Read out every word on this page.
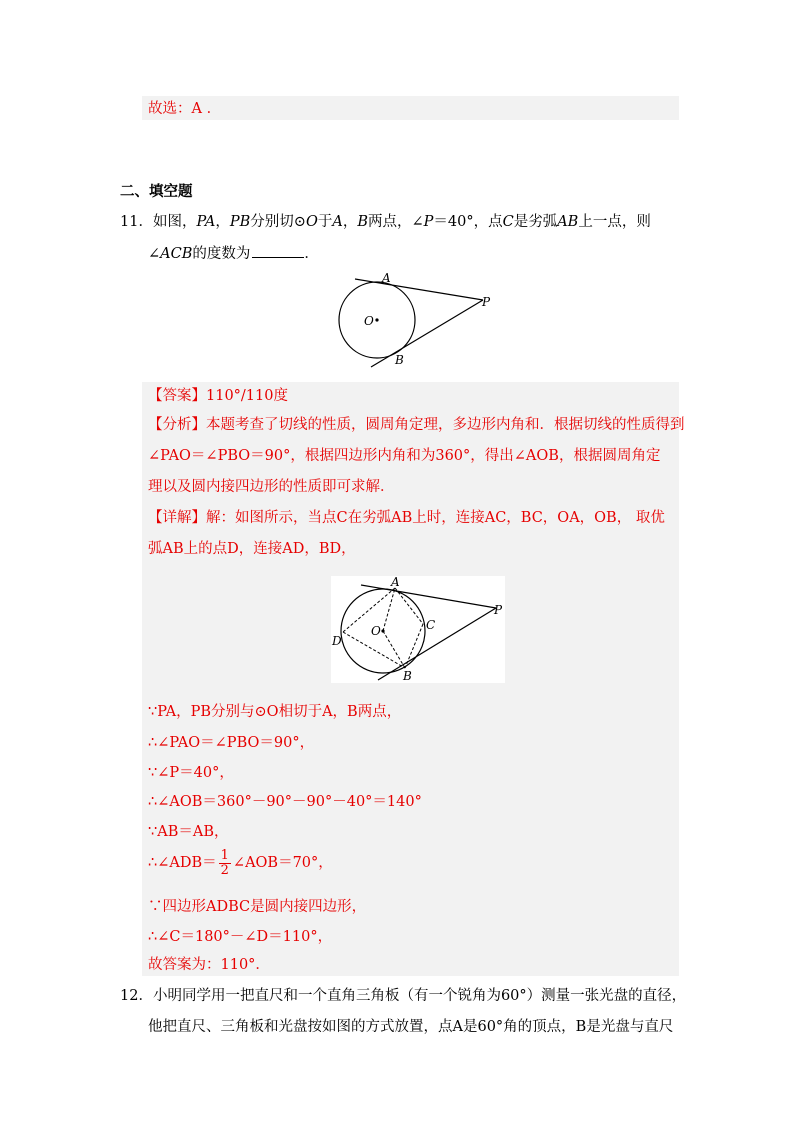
故选：A ．
二、填空题
11．如图，PA，PB分别切⊙O于A，B两点，∠P＝40°，点C是劣弧AB上一点，则
∠ACB的度数为	．
A
O
P
B
【答案】110°/110度
【分析】本题考查了切线的性质，圆周角定理，多边形内角和．根据切线的性质得到
∠PAO＝∠PBO＝90°，根据四边形内角和为360°，得出∠AOB，根据圆周角定
理以及圆内接四边形的性质即可求解．
【详解】解：如图所示，当点C在劣弧AB上时，连接AC，BC，OA，OB， 取优
弧AB上的点D，连接AD，BD，
A
O
P
B
C
D
∵PA，PB分别与⊙O相切于A，B两点，
∴∠PAO＝∠PBO＝90°，
∵∠P＝40°，
∴∠AOB＝360°－90°－90°－40°＝140°
∵AB＝AB，
∴∠ADB＝ $\frac{1}{2}$ ∠AOB＝70°，
∵四边形ADBC是圆内接四边形，
∴∠C＝180°－∠D＝110°，
故答案为：110°．
12．小明同学用一把直尺和一个直角三角板（有一个锐角为60°）测量一张光盘的直径，
他把直尺、三角板和光盘按如图的方式放置，点A是60°角的顶点，B是光盘与直尺
